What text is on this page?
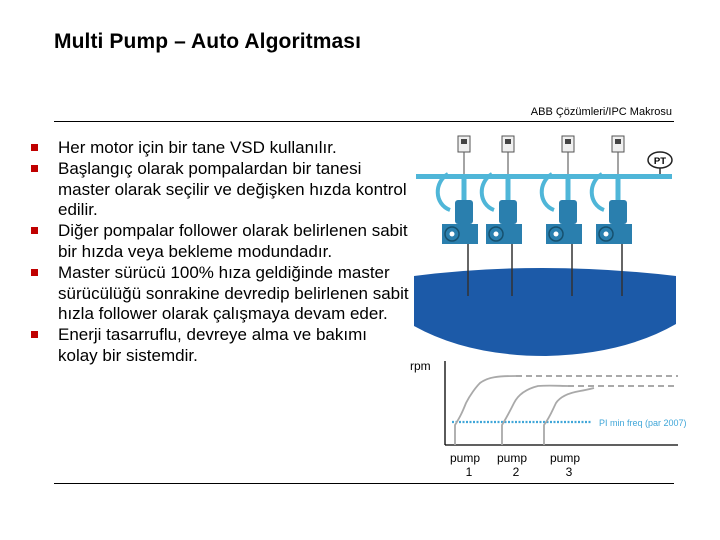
Multi Pump – Auto Algoritması
ABB Çözümleri/IPC Makrosu
Her motor için bir tane VSD kullanılır.
Başlangıç olarak pompalardan bir tanesi master olarak seçilir ve değişken hızda kontrol edilir.
Diğer pompalar follower olarak belirlenen sabit bir hızda veya bekleme modundadır.
Master sürücü 100% hıza geldiğinde master sürücülüğü sonrakine devredip belirlenen sabit hızla follower olarak çalışmaya devam eder.
Enerji tasarruflu, devreye alma ve bakımı kolay bir sistemdir.
PT
rpm
PI min freq (par 2007)
pump 1
pump 2
pump 3
